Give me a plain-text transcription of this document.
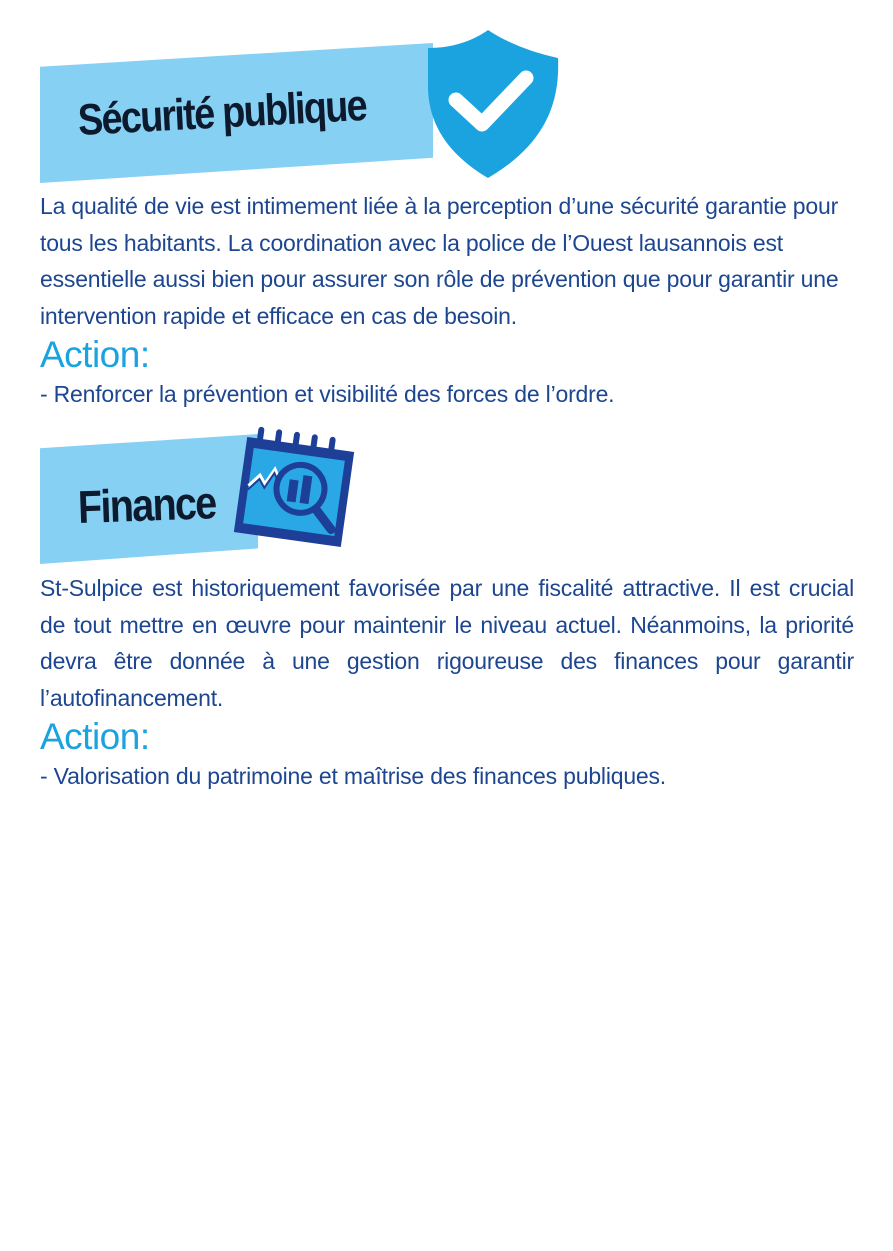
Sécurité publique

La qualité de vie est intimement liée à la perception d’une sécurité garantie pour tous les habitants. La coordination avec la police de l’Ouest lausannois est essentielle aussi bien pour assurer son rôle de prévention que pour garantir une intervention rapide et efficace en cas de besoin.

Action:

- Renforcer la prévention et visibilité des forces de l’ordre.

Finance

St-Sulpice est historiquement favorisée par une fiscalité attractive. Il est crucial de tout mettre en œuvre pour maintenir le niveau actuel. Néanmoins, la priorité devra être donnée à une gestion rigoureuse des finances pour garantir l’autofinancement.

Action:

- Valorisation du patrimoine et maîtrise des finances publiques.
